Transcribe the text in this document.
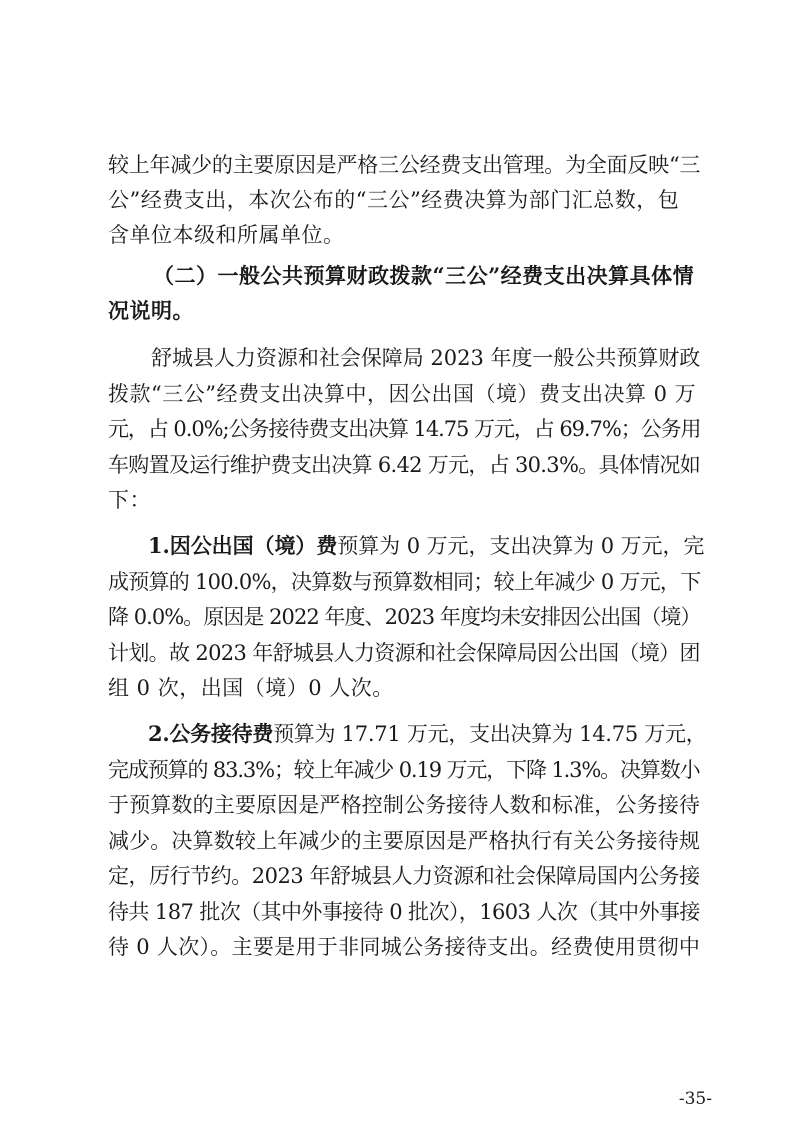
较上年减少的主要原因是严格三公经费支出管理。为全面反映“三
公”经费支出，本次公布的“三公”经费决算为部门汇总数，包
含单位本级和所属单位。
（二）一般公共预算财政拨款“三公”经费支出决算具体情
况说明。
舒城县人力资源和社会保障局 2023 年度一般公共预算财政
拨款“三公”经费支出决算中，因公出国（境）费支出决算 0 万
元，占 0.0%;公务接待费支出决算 14.75 万元，占 69.7%；公务用
车购置及运行维护费支出决算 6.42 万元，占 30.3%。具体情况如
下：
1.因公出国（境）费预算为 0 万元，支出决算为 0 万元，完
成预算的 100.0%，决算数与预算数相同；较上年减少 0 万元，下
降 0.0%。原因是 2022 年度、2023 年度均未安排因公出国（境）
计划。故 2023 年舒城县人力资源和社会保障局因公出国（境）团
组 0 次，出国（境）0 人次。
2.公务接待费预算为 17.71 万元，支出决算为 14.75 万元，
完成预算的 83.3%；较上年减少 0.19 万元，下降 1.3%。决算数小
于预算数的主要原因是严格控制公务接待人数和标准，公务接待
减少。决算数较上年减少的主要原因是严格执行有关公务接待规
定，厉行节约。2023 年舒城县人力资源和社会保障局国内公务接
待共 187 批次（其中外事接待 0 批次），1603 人次（其中外事接
待 0 人次）。主要是用于非同城公务接待支出。经费使用贯彻中
-35-
